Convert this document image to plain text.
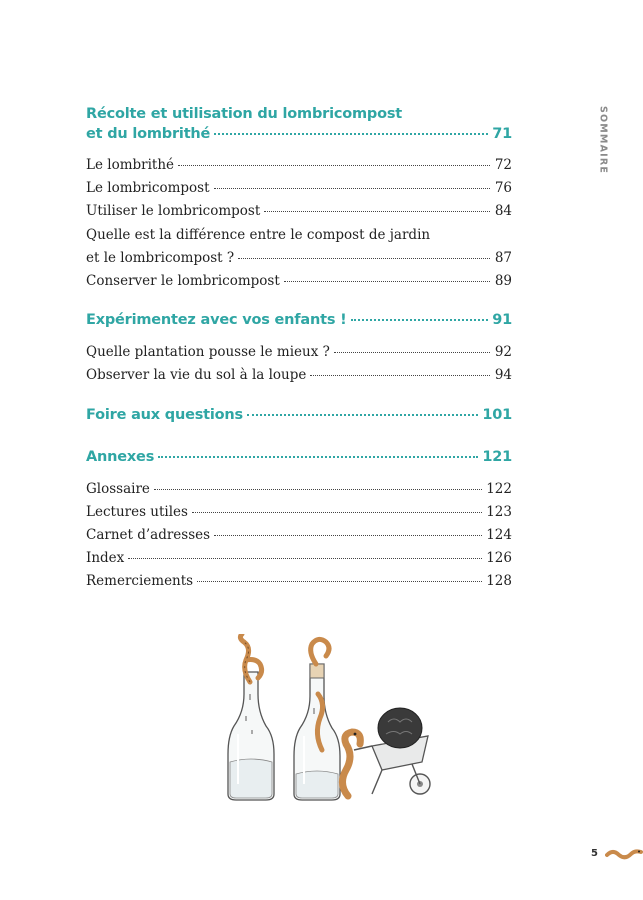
SOMMAIRE
Récolte et utilisation du lombricompost
et du lombrithé	71
Le lombrithé	72
Le lombricompost	76
Utiliser le lombricompost	84
Quelle est la différence entre le compost de jardin
et le lombricompost ?	87
Conserver le lombricompost	89
Expérimentez avec vos enfants !	91
Quelle plantation pousse le mieux ?	92
Observer la vie du sol à la loupe	94
Foire aux questions	101
Annexes	121
Glossaire	122
Lectures utiles	123
Carnet d’adresses	124
Index	126
Remerciements	128
5
